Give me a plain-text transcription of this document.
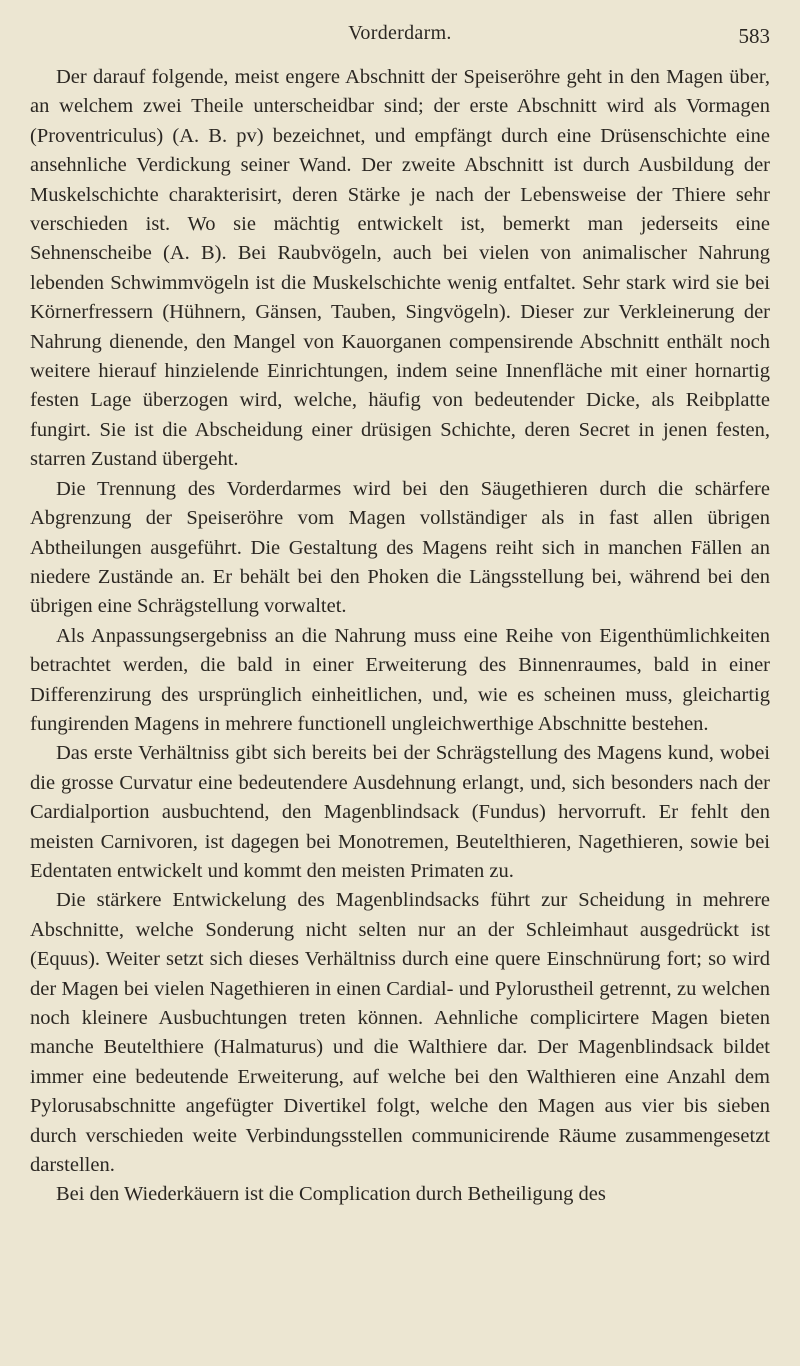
Vorderdarm.	583

Der darauf folgende, meist engere Abschnitt der Speiseröhre geht in den Magen über, an welchem zwei Theile unterscheidbar sind; der erste Abschnitt wird als Vormagen (Proventriculus) (A. B. pv) bezeichnet, und empfängt durch eine Drüsenschichte eine ansehnliche Verdickung seiner Wand. Der zweite Abschnitt ist durch Ausbildung der Muskelschichte charakterisirt, deren Stärke je nach der Lebensweise der Thiere sehr verschieden ist. Wo sie mächtig entwickelt ist, bemerkt man jederseits eine Sehnenscheibe (A. B). Bei Raubvögeln, auch bei vielen von animalischer Nahrung lebenden Schwimmvögeln ist die Muskelschichte wenig entfaltet. Sehr stark wird sie bei Körnerfressern (Hühnern, Gänsen, Tauben, Singvögeln). Dieser zur Verkleinerung der Nahrung dienende, den Mangel von Kauorganen compensirende Abschnitt enthält noch weitere hierauf hinzielende Einrichtungen, indem seine Innenfläche mit einer hornartig festen Lage überzogen wird, welche, häufig von bedeutender Dicke, als Reibplatte fungirt. Sie ist die Abscheidung einer drüsigen Schichte, deren Secret in jenen festen, starren Zustand übergeht.

Die Trennung des Vorderdarmes wird bei den Säugethieren durch die schärfere Abgrenzung der Speiseröhre vom Magen vollständiger als in fast allen übrigen Abtheilungen ausgeführt. Die Gestaltung des Magens reiht sich in manchen Fällen an niedere Zustände an. Er behält bei den Phoken die Längsstellung bei, während bei den übrigen eine Schrägstellung vorwaltet.

Als Anpassungsergebniss an die Nahrung muss eine Reihe von Eigenthümlichkeiten betrachtet werden, die bald in einer Erweiterung des Binnenraumes, bald in einer Differenzirung des ursprünglich einheitlichen, und, wie es scheinen muss, gleichartig fungirenden Magens in mehrere functionell ungleichwerthige Abschnitte bestehen.

Das erste Verhältniss gibt sich bereits bei der Schrägstellung des Magens kund, wobei die grosse Curvatur eine bedeutendere Ausdehnung erlangt, und, sich besonders nach der Cardialportion ausbuchtend, den Magenblindsack (Fundus) hervorruft. Er fehlt den meisten Carnivoren, ist dagegen bei Monotremen, Beutelthieren, Nagethieren, sowie bei Edentaten entwickelt und kommt den meisten Primaten zu.

Die stärkere Entwickelung des Magenblindsacks führt zur Scheidung in mehrere Abschnitte, welche Sonderung nicht selten nur an der Schleimhaut ausgedrückt ist (Equus). Weiter setzt sich dieses Verhältniss durch eine quere Einschnürung fort; so wird der Magen bei vielen Nagethieren in einen Cardial- und Pylorustheil getrennt, zu welchen noch kleinere Ausbuchtungen treten können. Aehnliche complicirtere Magen bieten manche Beutelthiere (Halmaturus) und die Walthiere dar. Der Magenblindsack bildet immer eine bedeutende Erweiterung, auf welche bei den Walthieren eine Anzahl dem Pylorusabschnitte angefügter Divertikel folgt, welche den Magen aus vier bis sieben durch verschieden weite Verbindungsstellen communicirende Räume zusammengesetzt darstellen.

Bei den Wiederkäuern ist die Complication durch Betheiligung des
